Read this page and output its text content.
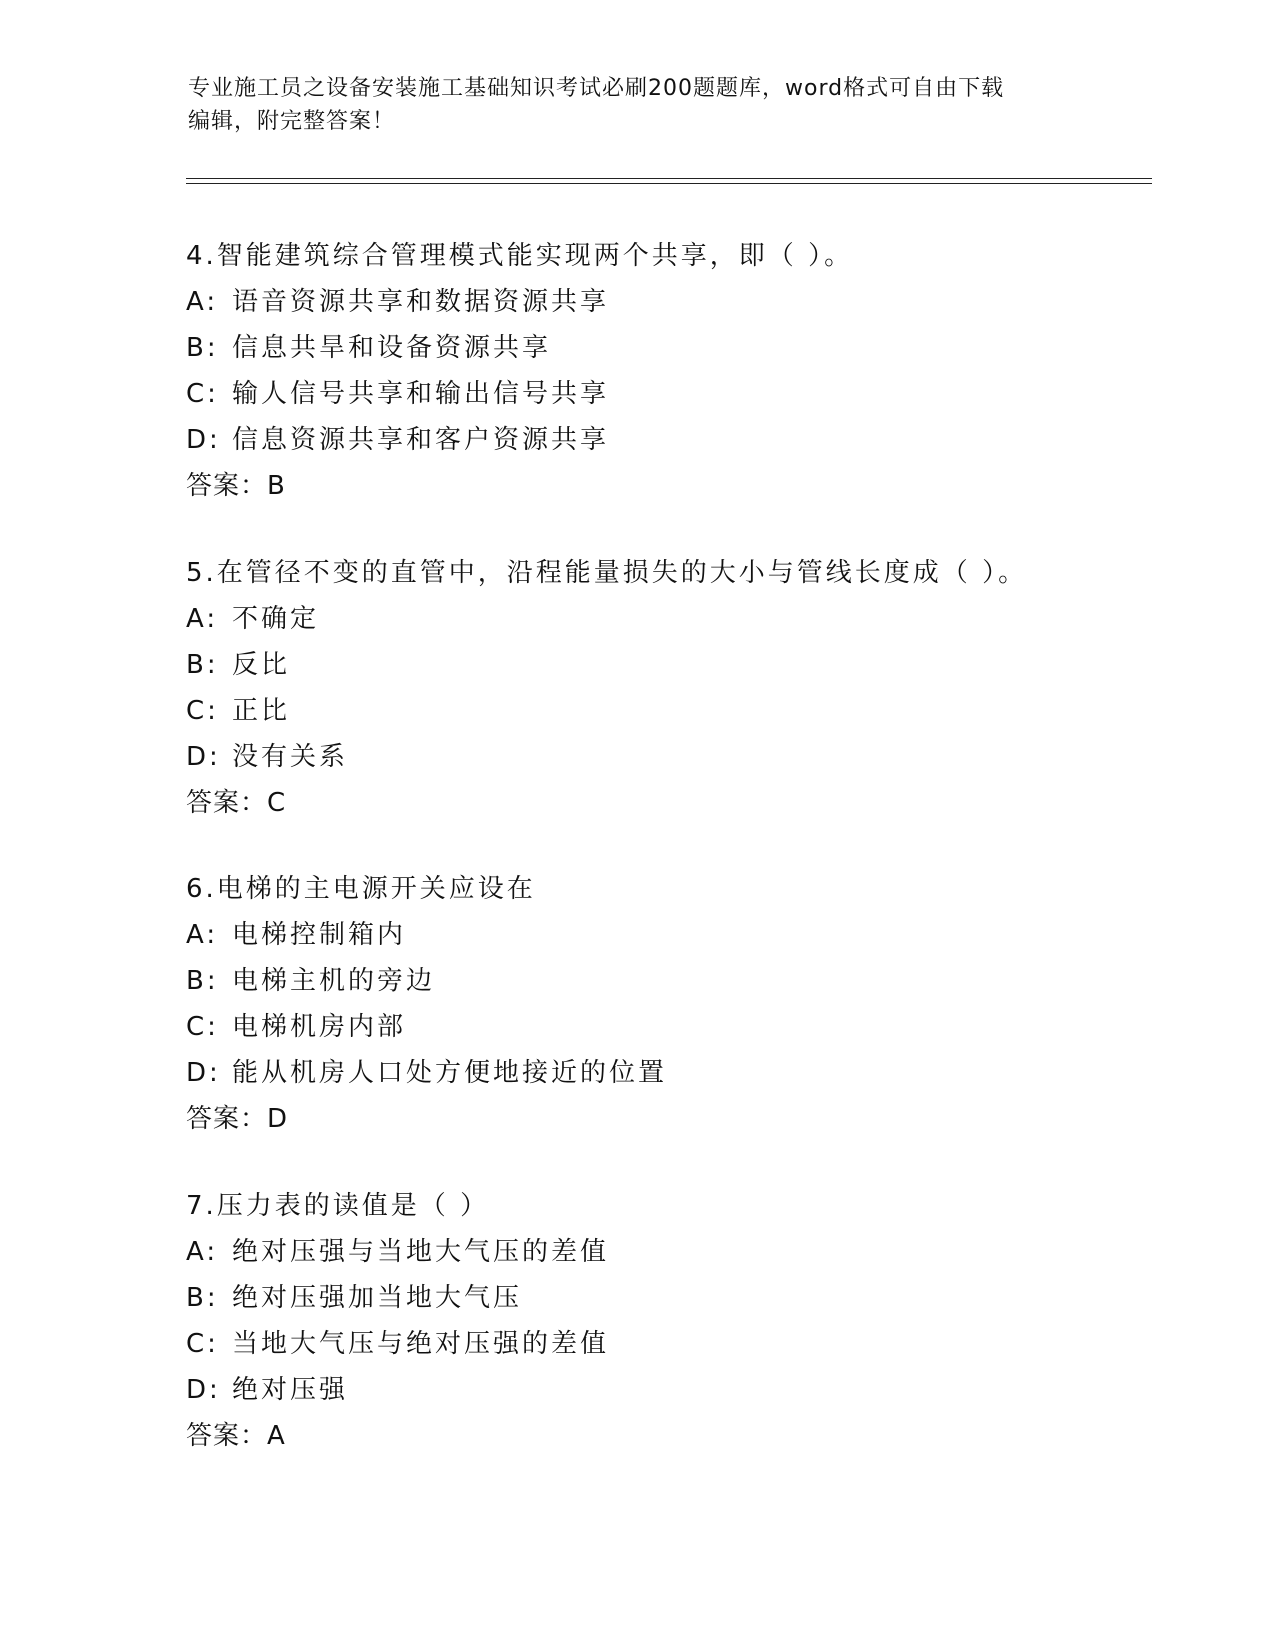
专业施工员之设备安装施工基础知识考试必刷200题题库，word格式可自由下载
编辑，附完整答案！
4.智能建筑综合管理模式能实现两个共享，即（ ）。
A: 语音资源共享和数据资源共享
B: 信息共旱和设备资源共享
C: 输人信号共享和输出信号共享
D: 信息资源共享和客户资源共享
答案：B
5.在管径不变的直管中，沿程能量损失的大小与管线长度成（ ）。
A: 不确定
B: 反比
C: 正比
D: 没有关系
答案：C
6.电梯的主电源开关应设在
A: 电梯控制箱内
B: 电梯主机的旁边
C: 电梯机房内部
D: 能从机房人口处方便地接近的位置
答案：D
7.压力表的读值是（ ）
A: 绝对压强与当地大气压的差值
B: 绝对压强加当地大气压
C: 当地大气压与绝对压强的差值
D: 绝对压强
答案：A
